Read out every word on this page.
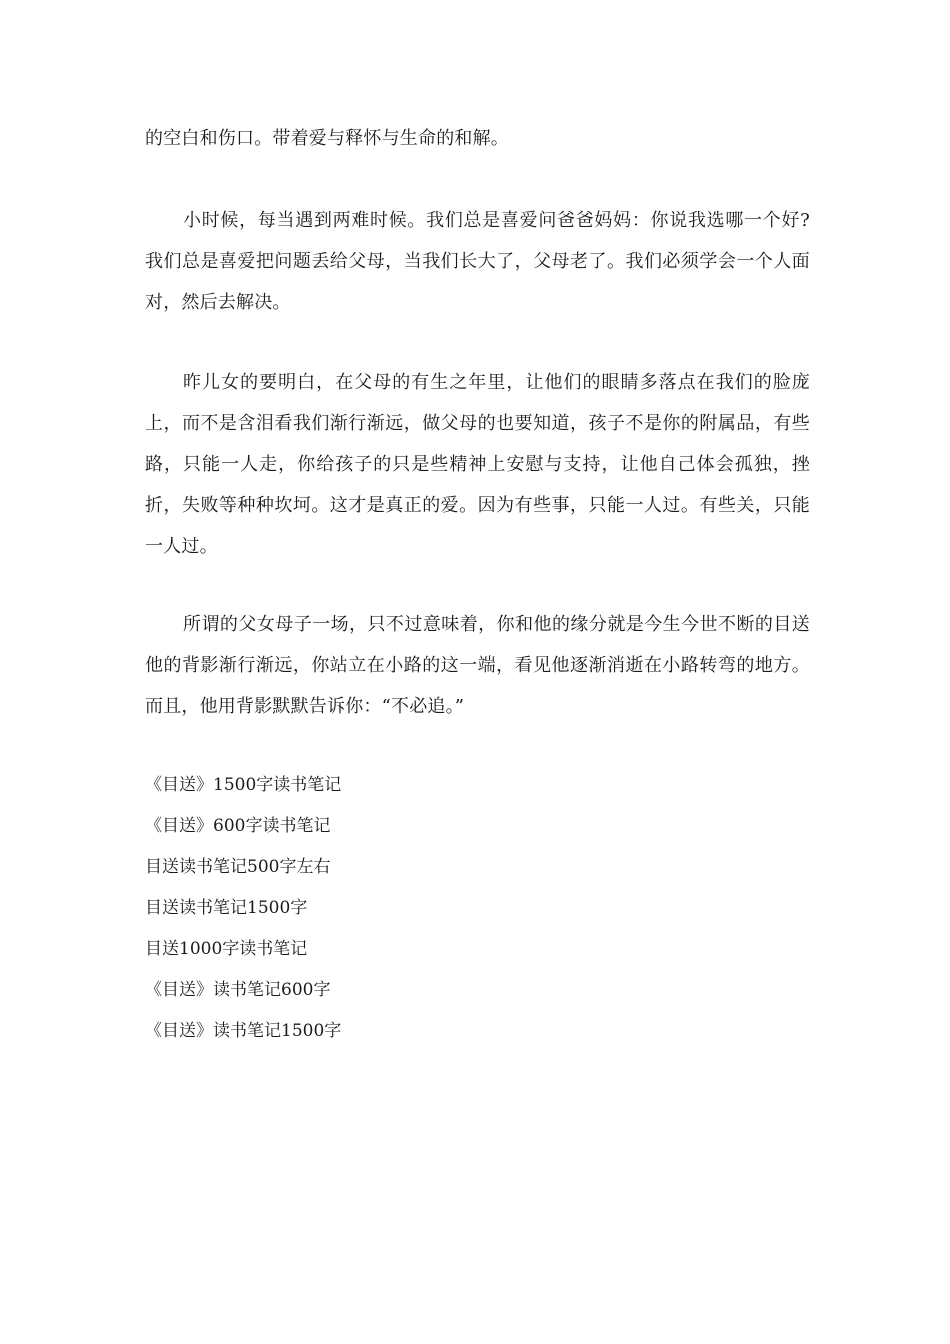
的空白和伤口。带着爱与释怀与生命的和解。

小时候，每当遇到两难时候。我们总是喜爱问爸爸妈妈：你说我选哪一个好?我们总是喜爱把问题丢给父母，当我们长大了，父母老了。我们必须学会一个人面对，然后去解决。

昨儿女的要明白，在父母的有生之年里，让他们的眼睛多落点在我们的脸庞上，而不是含泪看我们渐行渐远，做父母的也要知道，孩子不是你的附属品，有些路，只能一人走，你给孩子的只是些精神上安慰与支持，让他自己体会孤独，挫折，失败等种种坎坷。这才是真正的爱。因为有些事，只能一人过。有些关，只能一人过。

所谓的父女母子一场，只不过意味着，你和他的缘分就是今生今世不断的目送他的背影渐行渐远，你站立在小路的这一端，看见他逐渐消逝在小路转弯的地方。而且，他用背影默默告诉你：“不必追。”

《目送》1500字读书笔记
《目送》600字读书笔记
目送读书笔记500字左右
目送读书笔记1500字
目送1000字读书笔记
《目送》读书笔记600字
《目送》读书笔记1500字
